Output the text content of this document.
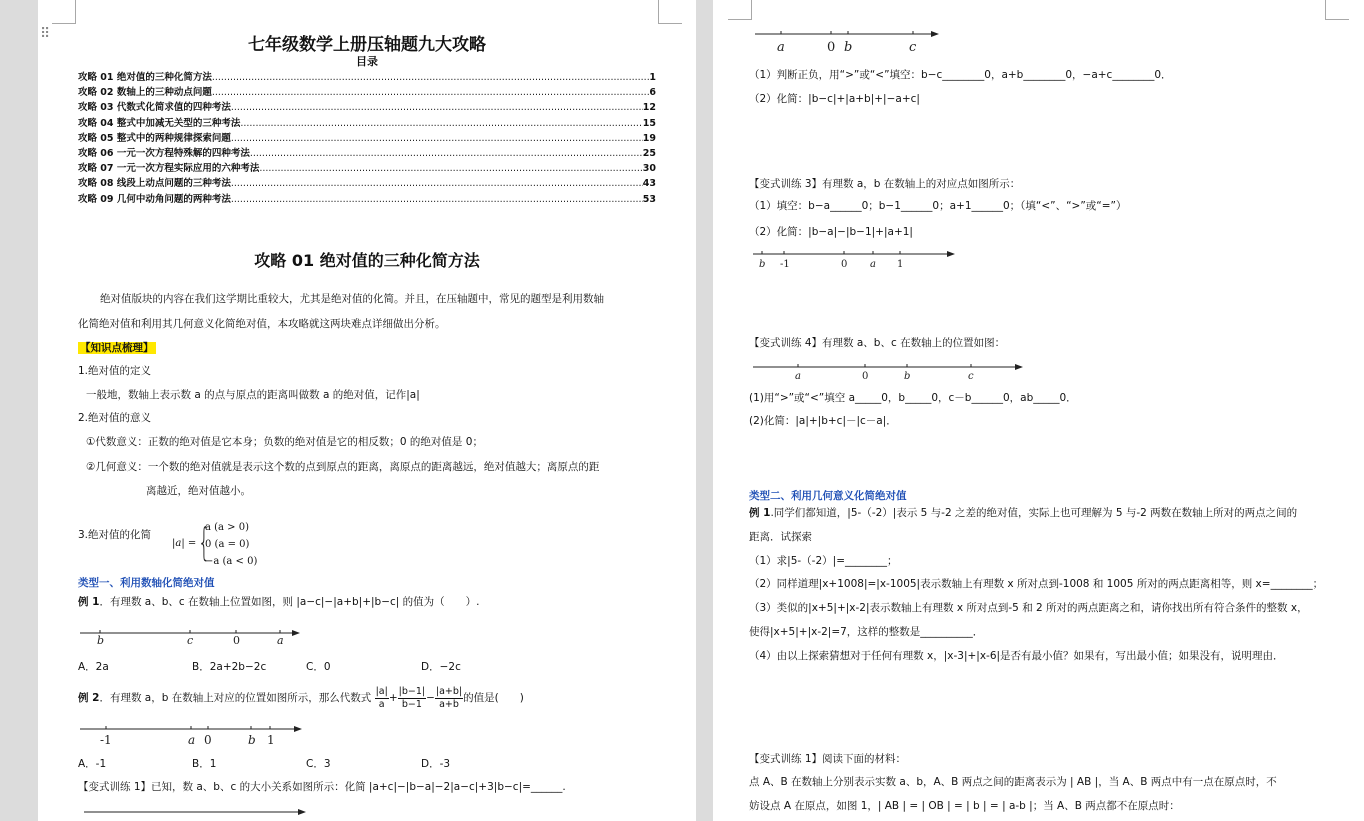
⠿
七年级数学上册压轴题九大攻略
目录
攻略 01 绝对值的三种化简方法 .....	1
攻略 02 数轴上的三种动点问题 .....	6
攻略 03 代数式化简求值的四种考法 .....	12
攻略 04 整式中加减无关型的三种考法 .....	15
攻略 05 整式中的两种规律探索问题 .....	19
攻略 06 一元一次方程特殊解的四种考法 .....	25
攻略 07 一元一次方程实际应用的六种考法 .....	30
攻略 08 线段上动点问题的三种考法 .....	43
攻略 09 几何中动角问题的两种考法 .....	53
攻略 01 绝对值的三种化简方法
绝对值版块的内容在我们这学期比重较大，尤其是绝对值的化简。并且，在压轴题中，常见的题型是利用数轴
化简绝对值和利用其几何意义化简绝对值，本攻略就这两块难点详细做出分析。
【知识点梳理】
1.绝对值的定义
一般地，数轴上表示数 a 的点与原点的距离叫做数 a 的绝对值，记作|a|
2.绝对值的意义
①代数意义：正数的绝对值是它本身；负数的绝对值是它的相反数；0 的绝对值是 0；
②几何意义：一个数的绝对值就是表示这个数的点到原点的距离，离原点的距离越远，绝对值越大；离原点的距
离越近，绝对值越小。
3.绝对值的化简
|a| = {
a (a > 0)
0 (a = 0)
−a (a < 0)
类型一、利用数轴化简绝对值
例 1．有理数 a、b、c 在数轴上位置如图，则 |a−c|−|a+b|+|b−c| 的值为（　　）.
b	c	0	a
A．2a	B．2a+2b−2c	C．0	D．−2c
例 2．有理数 a，b 在数轴上对应的位置如图所示，那么代数式 $\frac{|a|}{a} + \frac{|b-1|}{b-1} - \frac{|a+b|}{a+b}$ 的值是(　　)
-1	a 0	b 1
A．-1	B．1	C．3	D．-3
【变式训练 1】已知，数 a、b、c 的大小关系如图所示：化简 |a+c|−|b−a|−2|a−c|+3|b−c|=______.
a	0 b	c
（1）判断正负，用“>”或“<”填空：b−c________0，a+b________0，−a+c________0．
（2）化简：|b−c|+|a+b|+|−a+c|
【变式训练 3】有理数 a，b 在数轴上的对应点如图所示：
（1）填空：b−a______0；b−1______0；a+1______0；（填“<”、“>”或“=”）
（2）化简：|b−a|−|b−1|+|a+1|
b -1	0 a 1
【变式训练 4】有理数 a、b、c 在数轴上的位置如图：
a	0	b	c
(1)用“>”或“<”填空 a_____0，b_____0，c－b______0，ab_____0．
(2)化简：|a|+|b+c|－|c－a|．
类型二、利用几何意义化简绝对值
例 1.同学们都知道，|5-（-2）|表示 5 与-2 之差的绝对值，实际上也可理解为 5 与-2 两数在数轴上所对的两点之间的
距离．试探索
（1）求|5-（-2）|=________；
（2）同样道理|x+1008|=|x-1005|表示数轴上有理数 x 所对点到-1008 和 1005 所对的两点距离相等，则 x=________；
（3）类似的|x+5|+|x-2|表示数轴上有理数 x 所对点到-5 和 2 所对的两点距离之和，请你找出所有符合条件的整数 x，
使得|x+5|+|x-2|=7，这样的整数是__________．
（4）由以上探索猜想对于任何有理数 x，|x-3|+|x-6|是否有最小值？如果有，写出最小值；如果没有，说明理由．
【变式训练 1】阅读下面的材料：
点 A、B 在数轴上分别表示实数 a、b，A、B 两点之间的距离表示为 | AB |，当 A、B 两点中有一点在原点时，不
妨设点 A 在原点，如图 1，| AB | = | OB | = | b | = | a-b |；当 A、B 两点都不在原点时：
